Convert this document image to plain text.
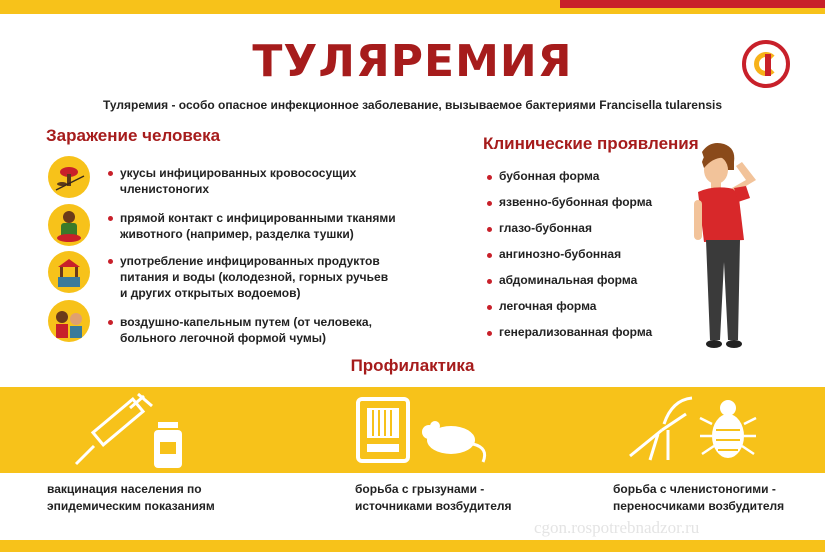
ТУЛЯРЕМИЯ
Туляремия - особо опасное инфекционное заболевание, вызываемое бактериями Francisella tularensis
Заражение человека
укусы инфицированных кровососущих
членистоногих
прямой контакт с инфицированными тканями
животного (например, разделка тушки)
употребление инфицированных продуктов
питания и воды (колодезной, горных ручьев
и других открытых водоемов)
воздушно-капельным путем (от человека,
больного легочной формой чумы)
Клинические проявления
бубонная форма
язвенно-бубонная форма
глазо-бубонная
ангинозно-бубонная
абдоминальная форма
легочная форма
генерализованная форма
Профилактика
вакцинация населения по
эпидемическим показаниям
борьба с грызунами -
источниками возбудителя
борьба с членистоногими -
переносчиками возбудителя
cgon.rospotrebnadzor.ru
